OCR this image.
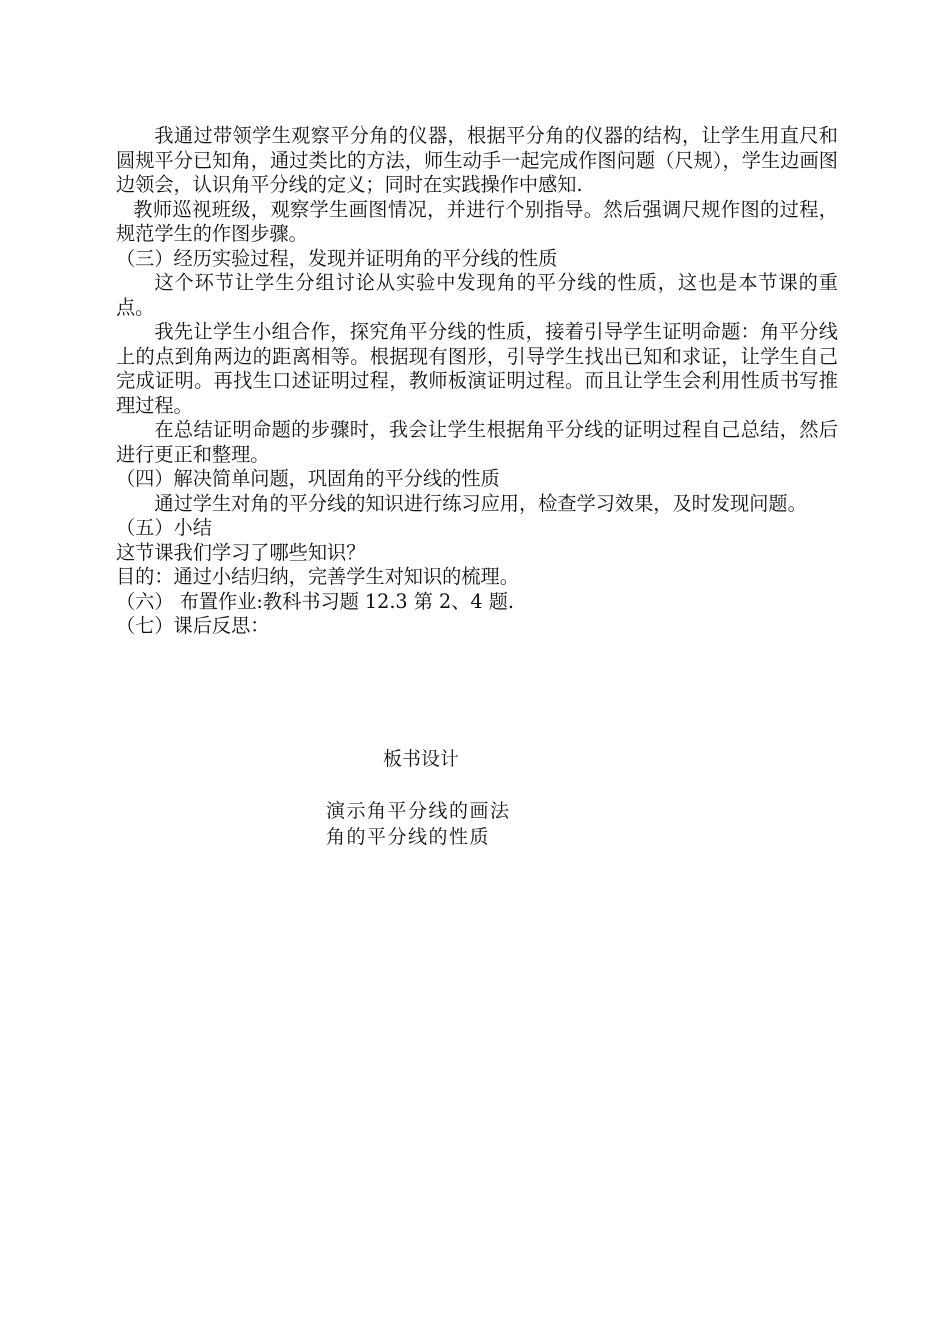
我通过带领学生观察平分角的仪器，根据平分角的仪器的结构，让学生用直尺和圆规平分已知角，通过类比的方法，师生动手一起完成作图问题（尺规），学生边画图边领会，认识角平分线的定义；同时在实践操作中感知.

教师巡视班级，观察学生画图情况，并进行个别指导。然后强调尺规作图的过程，规范学生的作图步骤。

（三）经历实验过程，发现并证明角的平分线的性质

这个环节让学生分组讨论从实验中发现角的平分线的性质，这也是本节课的重点。

我先让学生小组合作，探究角平分线的性质，接着引导学生证明命题：角平分线上的点到角两边的距离相等。根据现有图形，引导学生找出已知和求证，让学生自己完成证明。再找生口述证明过程，教师板演证明过程。而且让学生会利用性质书写推理过程。

在总结证明命题的步骤时，我会让学生根据角平分线的证明过程自己总结，然后进行更正和整理。

（四）解决简单问题，巩固角的平分线的性质

通过学生对角的平分线的知识进行练习应用，检查学习效果，及时发现问题。

（五）小结

这节课我们学习了哪些知识？

目的：通过小结归纳，完善学生对知识的梳理。

（六） 布置作业:教科书习题 12.3 第 2、4 题.

（七）课后反思：

板书设计

演示角平分线的画法
角的平分线的性质
